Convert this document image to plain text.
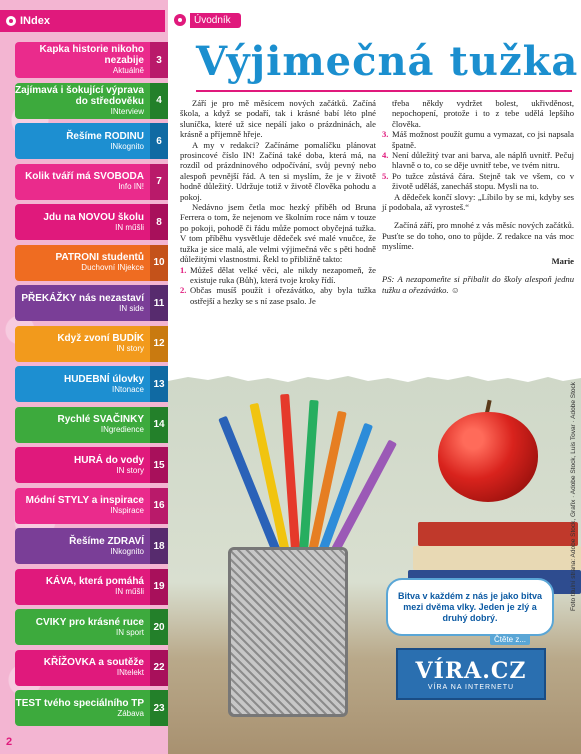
INdex
Kapka historie nikoho nezabije
Aktuálně
3
Zajímavá i šokující výprava do středověku
INterview
4
Řešíme RODINU
INkognito	6
Kolik tváří má SVOBODA
Info IN!	7
Jdu na NOVOU školu
IN műšli	8
PATRONI studentů
Duchovní INjekce 10
PŘEKÁŽKY nás nezastaví
IN side 11
Když zvoní BUDÍK
IN story 12
HUDEBNÍ úlovky
INtonace 13
Rychlé SVAČINKY
INgredience 14
HURÁ do vody
IN story 15
Módní STYLY a inspirace
INspirace 16
Řešíme ZDRAVÍ
INkognito 18
KÁVA, která pomáhá
IN műšli 19
CVIKY pro krásné ruce
IN sport 20
KŘÍŽOVKA a soutěže
INtelekt 22
TEST tvého speciálního TP
Zábava 23
2
Úvodník
Výjimečná tužka

Září je pro mě měsícem nových začátků. Začíná škola, a když se podaří, tak i krásné babí léto plné sluníčka, které už sice nepálí jako o prázdninách, ale krásně a příjemně hřeje.

A my v redakci? Začínáme pomalíčku plánovat prosincové číslo IN! Začíná také doba, která má, na rozdíl od prázdninového odpočívání, svůj pevný nebo alespoň pevnější řád. A ten si myslím, že je v životě hodně důležitý. Udržuje totiž v životě člověka pohodu a pokoj.

Nedávno jsem četla moc hezký příběh od Bruna Ferrera o tom, že nejenom ve školním roce nám v touze po pokoji, pohodě či řádu může pomoct obyčejná tužka. V tom příběhu vysvětluje dědeček své malé vnučce, že tužka je sice malá, ale velmi výjimečná věc s pěti hodně důležitými vlastnostmi. Řekl to přibližně takto:

1. Můžeš dělat velké věci, ale nikdy nezapomeň, že existuje ruka (Bůh), která tvoje kroky řídí.
2. Občas musíš použít i ořezávátko, aby byla tužka ostřejší a hezky se s ní zase psalo. Je

třeba někdy vydržet bolest, ukřivděnost, nepochopení, protože i to z tebe udělá lepšího člověka.

3. Máš možnost použít gumu a vymazat, co jsi napsala špatně.
4. Není důležitý tvar ani barva, ale náplň uvnitř. Pečuj hlavně o to, co se děje uvnitř tebe, ve tvém nitru.
5. Po tužce zůstává čára. Stejně tak ve všem, co v životě uděláš, zanecháš stopu. Mysli na to.

A dědeček končí slovy: „Líbilo by se mi, kdyby ses jí podobala, až vyrosteš.“

Začíná září, pro mnohé z vás měsíc nových začátků. Pusťte se do toho, ono to půjde. Z redakce na vás moc myslíme.

Marie

PS: A nezapomeňte si přibalit do školy alespoň jednu tužku a ořezávátko. ☺

Bitva v každém z nás je jako bitva mezi dvěma vlky. Jeden je zlý a druhý dobrý.
Čtěte z...
VÍRA.CZ
VÍRA NA INTERNETU
Foto titulní strana: Adobe Stock, Grafix · Adobe Stock, Luis Tovar · Adobe Stock
